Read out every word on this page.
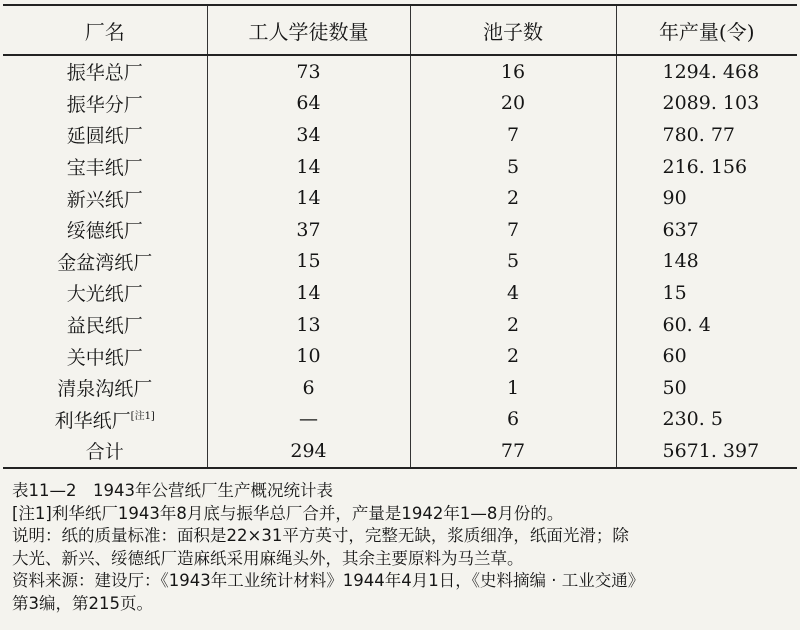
厂名	工人学徒数量	池子数	年产量(令)
振华总厂	73	16	1294. 468
振华分厂	64	20	2089. 103
延圆纸厂	34	7	780. 77
宝丰纸厂	14	5	216. 156
新兴纸厂	14	2	90
绥德纸厂	37	7	637
金盆湾纸厂	15	5	148
大光纸厂	14	4	15
益民纸厂	13	2	60. 4
关中纸厂	10	2	60
清泉沟纸厂	6	1	50
利华纸厂[注1]	—	6	230. 5
合计	294	77	5671. 397

表11—2　1943年公营纸厂生产概况统计表

[注1]利华纸厂1943年8月底与振华总厂合并，产量是1942年1—8月份的。

说明：纸的质量标准：面积是22×31平方英寸，完整无缺，浆质细净，纸面光滑；除

大光、新兴、绥德纸厂造麻纸采用麻绳头外，其余主要原料为马兰草。

资料来源：建设厅：《1943年工业统计材料》1944年4月1日，《史料摘编 · 工业交通》

第3编，第215页。
